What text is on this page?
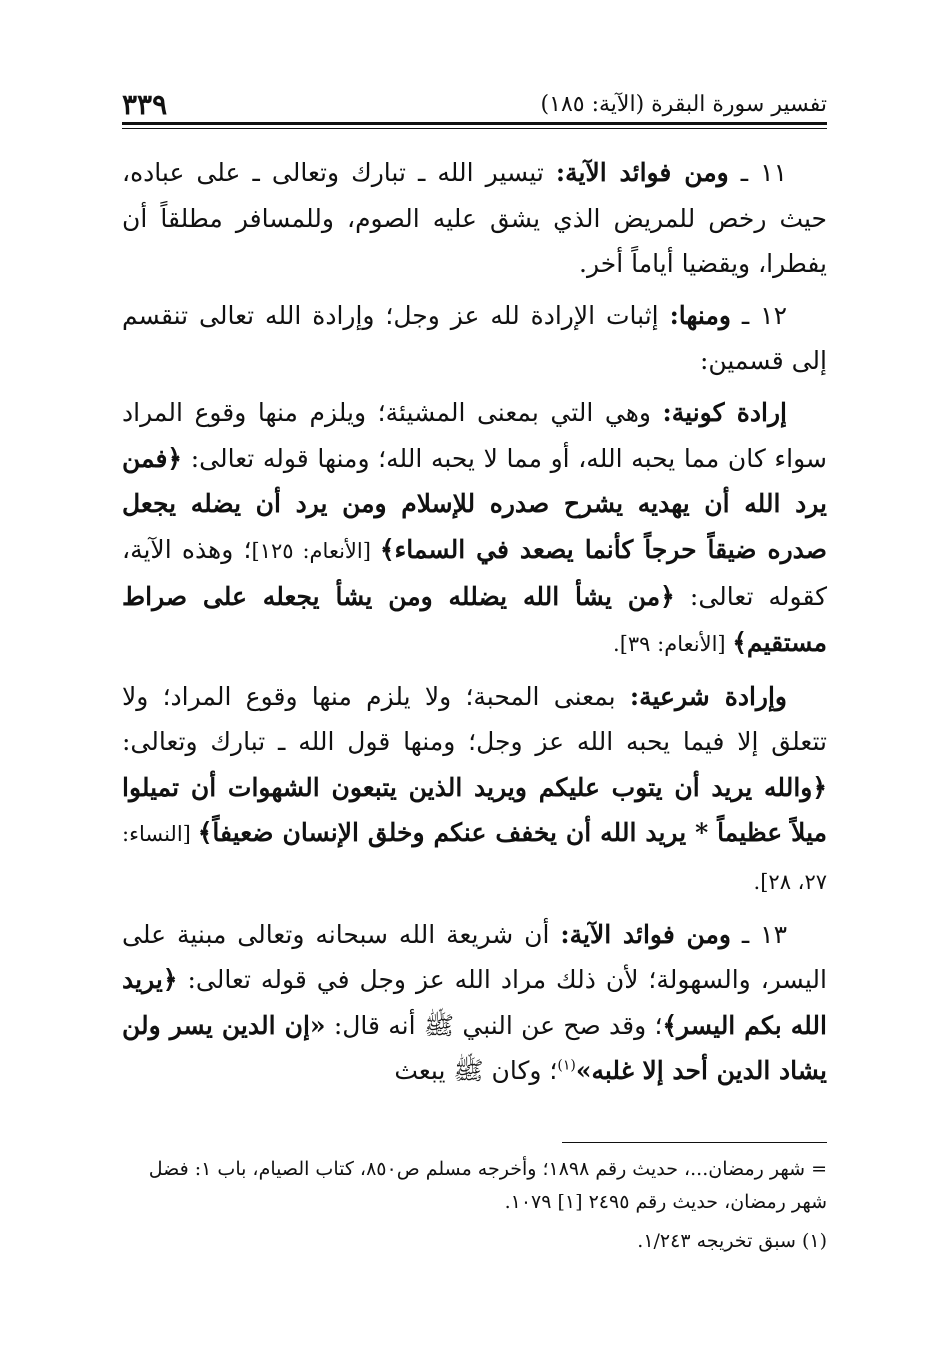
تفسير سورة البقرة (الآية: ١٨٥)
٣٣٩

١١ ـ ومن فوائد الآية: تيسير الله ـ تبارك وتعالى ـ على عباده، حيث رخص للمريض الذي يشق عليه الصوم، وللمسافر مطلقاً أن يفطرا، ويقضيا أياماً أخر.

١٢ ـ ومنها: إثبات الإرادة لله عز وجل؛ وإرادة الله تعالى تنقسم إلى قسمين:

إرادة كونية: وهي التي بمعنى المشيئة؛ ويلزم منها وقوع المراد سواء كان مما يحبه الله، أو مما لا يحبه الله؛ ومنها قوله تعالى: ﴿فمن يرد الله أن يهديه يشرح صدره للإسلام ومن يرد أن يضله يجعل صدره ضيقاً حرجاً كأنما يصعد في السماء﴾ [الأنعام: ١٢٥]؛ وهذه الآية، كقوله تعالى: ﴿من يشأ الله يضلله ومن يشأ يجعله على صراط مستقيم﴾ [الأنعام: ٣٩].

وإرادة شرعية: بمعنى المحبة؛ ولا يلزم منها وقوع المراد؛ ولا تتعلق إلا فيما يحبه الله عز وجل؛ ومنها قول الله ـ تبارك وتعالى: ﴿والله يريد أن يتوب عليكم ويريد الذين يتبعون الشهوات أن تميلوا ميلاً عظيماً * يريد الله أن يخفف عنكم وخلق الإنسان ضعيفاً﴾ [النساء: ٢٧، ٢٨].

١٣ ـ ومن فوائد الآية: أن شريعة الله سبحانه وتعالى مبنية على اليسر، والسهولة؛ لأن ذلك مراد الله عز وجل في قوله تعالى: ﴿يريد الله بكم اليسر﴾؛ وقد صح عن النبي ﷺ أنه قال: «إن الدين يسر ولن يشاد الدين أحد إلا غلبه»$^{(١)}$؛ وكان ﷺ يبعث

= شهر رمضان...، حديث رقم ١٨٩٨؛ وأخرجه مسلم ص٨٥٠، كتاب الصيام، باب ١: فضل شهر رمضان، حديث رقم ٢٤٩٥ [١] ١٠٧٩.

(١) سبق تخريجه ١/٢٤٣.
